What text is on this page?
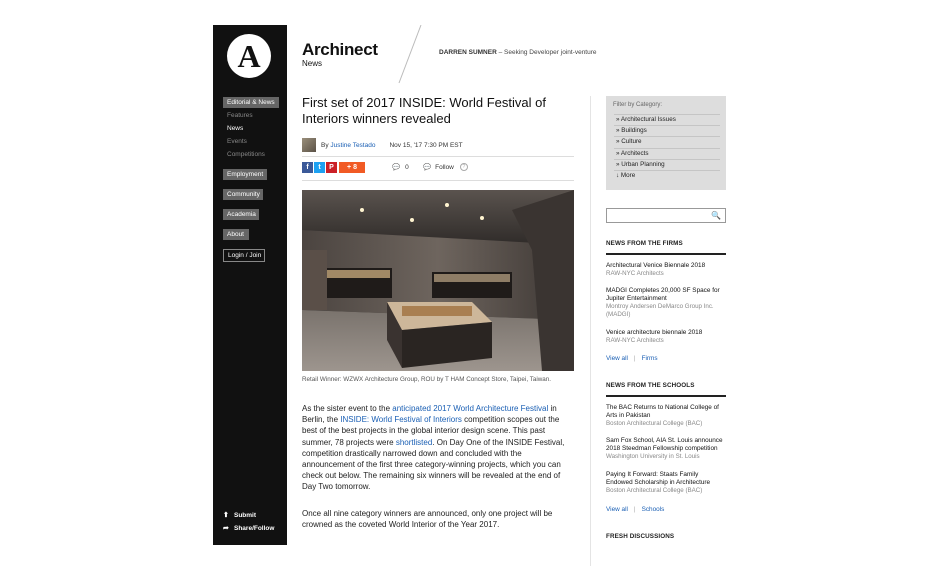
A
Editorial & News
Features
News
Events
Competitions
Employment
Community
Academia
About
Login / Join
⬆ Submit
➦ Share/Follow
Archinect
News
DARREN SUMNER – Seeking Developer joint-venture
First set of 2017 INSIDE: World Festival of Interiors winners revealed
By Justine Testado Nov 15, '17 7:30 PM EST
f	t	P	+ 8	💬 0 💬 Follow	?
Retail Winner: WZWX Architecture Group, ROU by T HAM Concept Store, Taipei, Taiwan.

As the sister event to the anticipated 2017 World Architecture Festival in Berlin, the INSIDE: World Festival of Interiors competition scopes out the best of the best projects in the global interior design scene. This past summer, 78 projects were shortlisted. On Day One of the INSIDE Festival, competition drastically narrowed down and concluded with the announcement of the first three category-winning projects, which you can check out below. The remaining six winners will be revealed at the end of Day Two tomorrow.

Once all nine category winners are announced, only one project will be crowned as the coveted World Interior of the Year 2017.

Filter by Category:
» Architectural Issues
» Buildings
» Culture
» Architects
» Urban Planning
↓ More
🔍
NEWS FROM THE FIRMS
Architectural Venice Biennale 2018
RAW-NYC Architects
MADGI Completes 20,000 SF Space for Jupiter Entertainment
Montroy Andersen DeMarco Group Inc. (MADGI)
Venice architecture biennale 2018
RAW-NYC Architects
View all | Firms
NEWS FROM THE SCHOOLS
The BAC Returns to National College of Arts in Pakistan
Boston Architectural College (BAC)
Sam Fox School, AIA St. Louis announce 2018 Steedman Fellowship competition
Washington University in St. Louis
Paying It Forward: Staats Family Endowed Scholarship in Architecture
Boston Architectural College (BAC)
View all | Schools
FRESH DISCUSSIONS
